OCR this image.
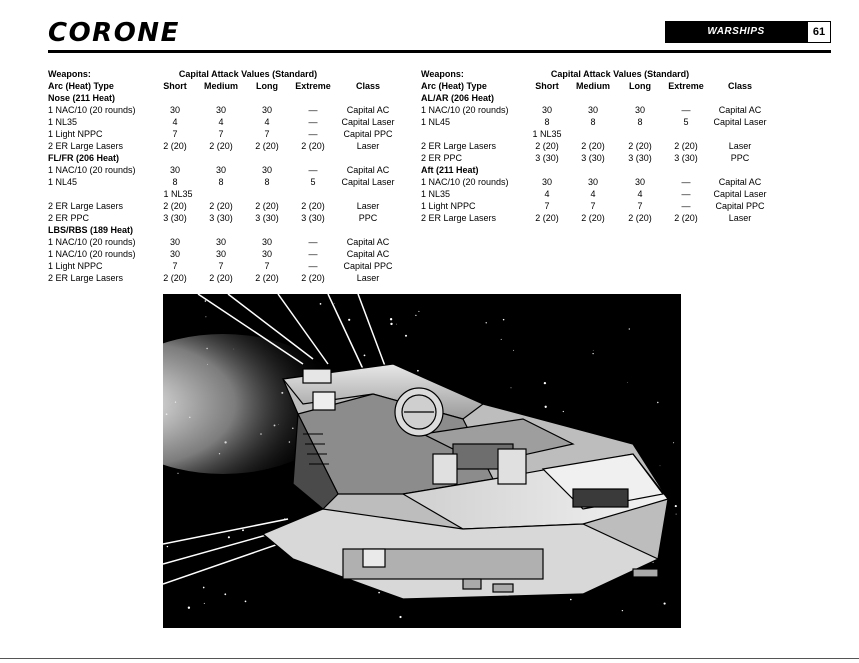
CORONE	WARSHIPS	61
Weapons:	Capital Attack Values (Standard)
Arc (Heat) Type	Short Medium Long Extreme	Class
Nose (211 Heat)
1 NAC/10 (20 rounds)	30	30	30	—	Capital AC
1 NL35	4	4	4	—	Capital Laser
1 Light NPPC	7	7	7	—	Capital PPC
2 ER Large Lasers	2 (20) 2 (20) 2 (20) 2 (20)	Laser
FL/FR (206 Heat)
1 NAC/10 (20 rounds)	30	30	30	—	Capital AC
1 NL45	8	8	8	5	Capital Laser
1 NL35
2 ER Large Lasers	2 (20) 2 (20) 2 (20) 2 (20)	Laser
2 ER PPC	3 (30) 3 (30) 3 (30) 3 (30)	PPC
LBS/RBS (189 Heat)
1 NAC/10 (20 rounds)	30	30	30	—	Capital AC
1 NAC/10 (20 rounds)	30	30	30	—	Capital AC
1 Light NPPC	7	7	7	—	Capital PPC
2 ER Large Lasers	2 (20) 2 (20) 2 (20) 2 (20)	Laser
Weapons:	Capital Attack Values (Standard)
Arc (Heat) Type	Short Medium Long Extreme	Class
AL/AR (206 Heat)
1 NAC/10 (20 rounds)	30	30	30	—	Capital AC
1 NL45	8	8	8	5	Capital Laser
1 NL35
2 ER Large Lasers	2 (20) 2 (20)	2 (20) 2 (20)	Laser
2 ER PPC	3 (30) 3 (30)	3 (30) 3 (30)	PPC
Aft (211 Heat)
1 NAC/10 (20 rounds)	30	30	30	—	Capital AC
1 NL35	4	4	4	—	Capital Laser
1 Light NPPC	7	7	7	—	Capital PPC
2 ER Large Lasers	2 (20) 2 (20)	2 (20) 2 (20)	Laser
